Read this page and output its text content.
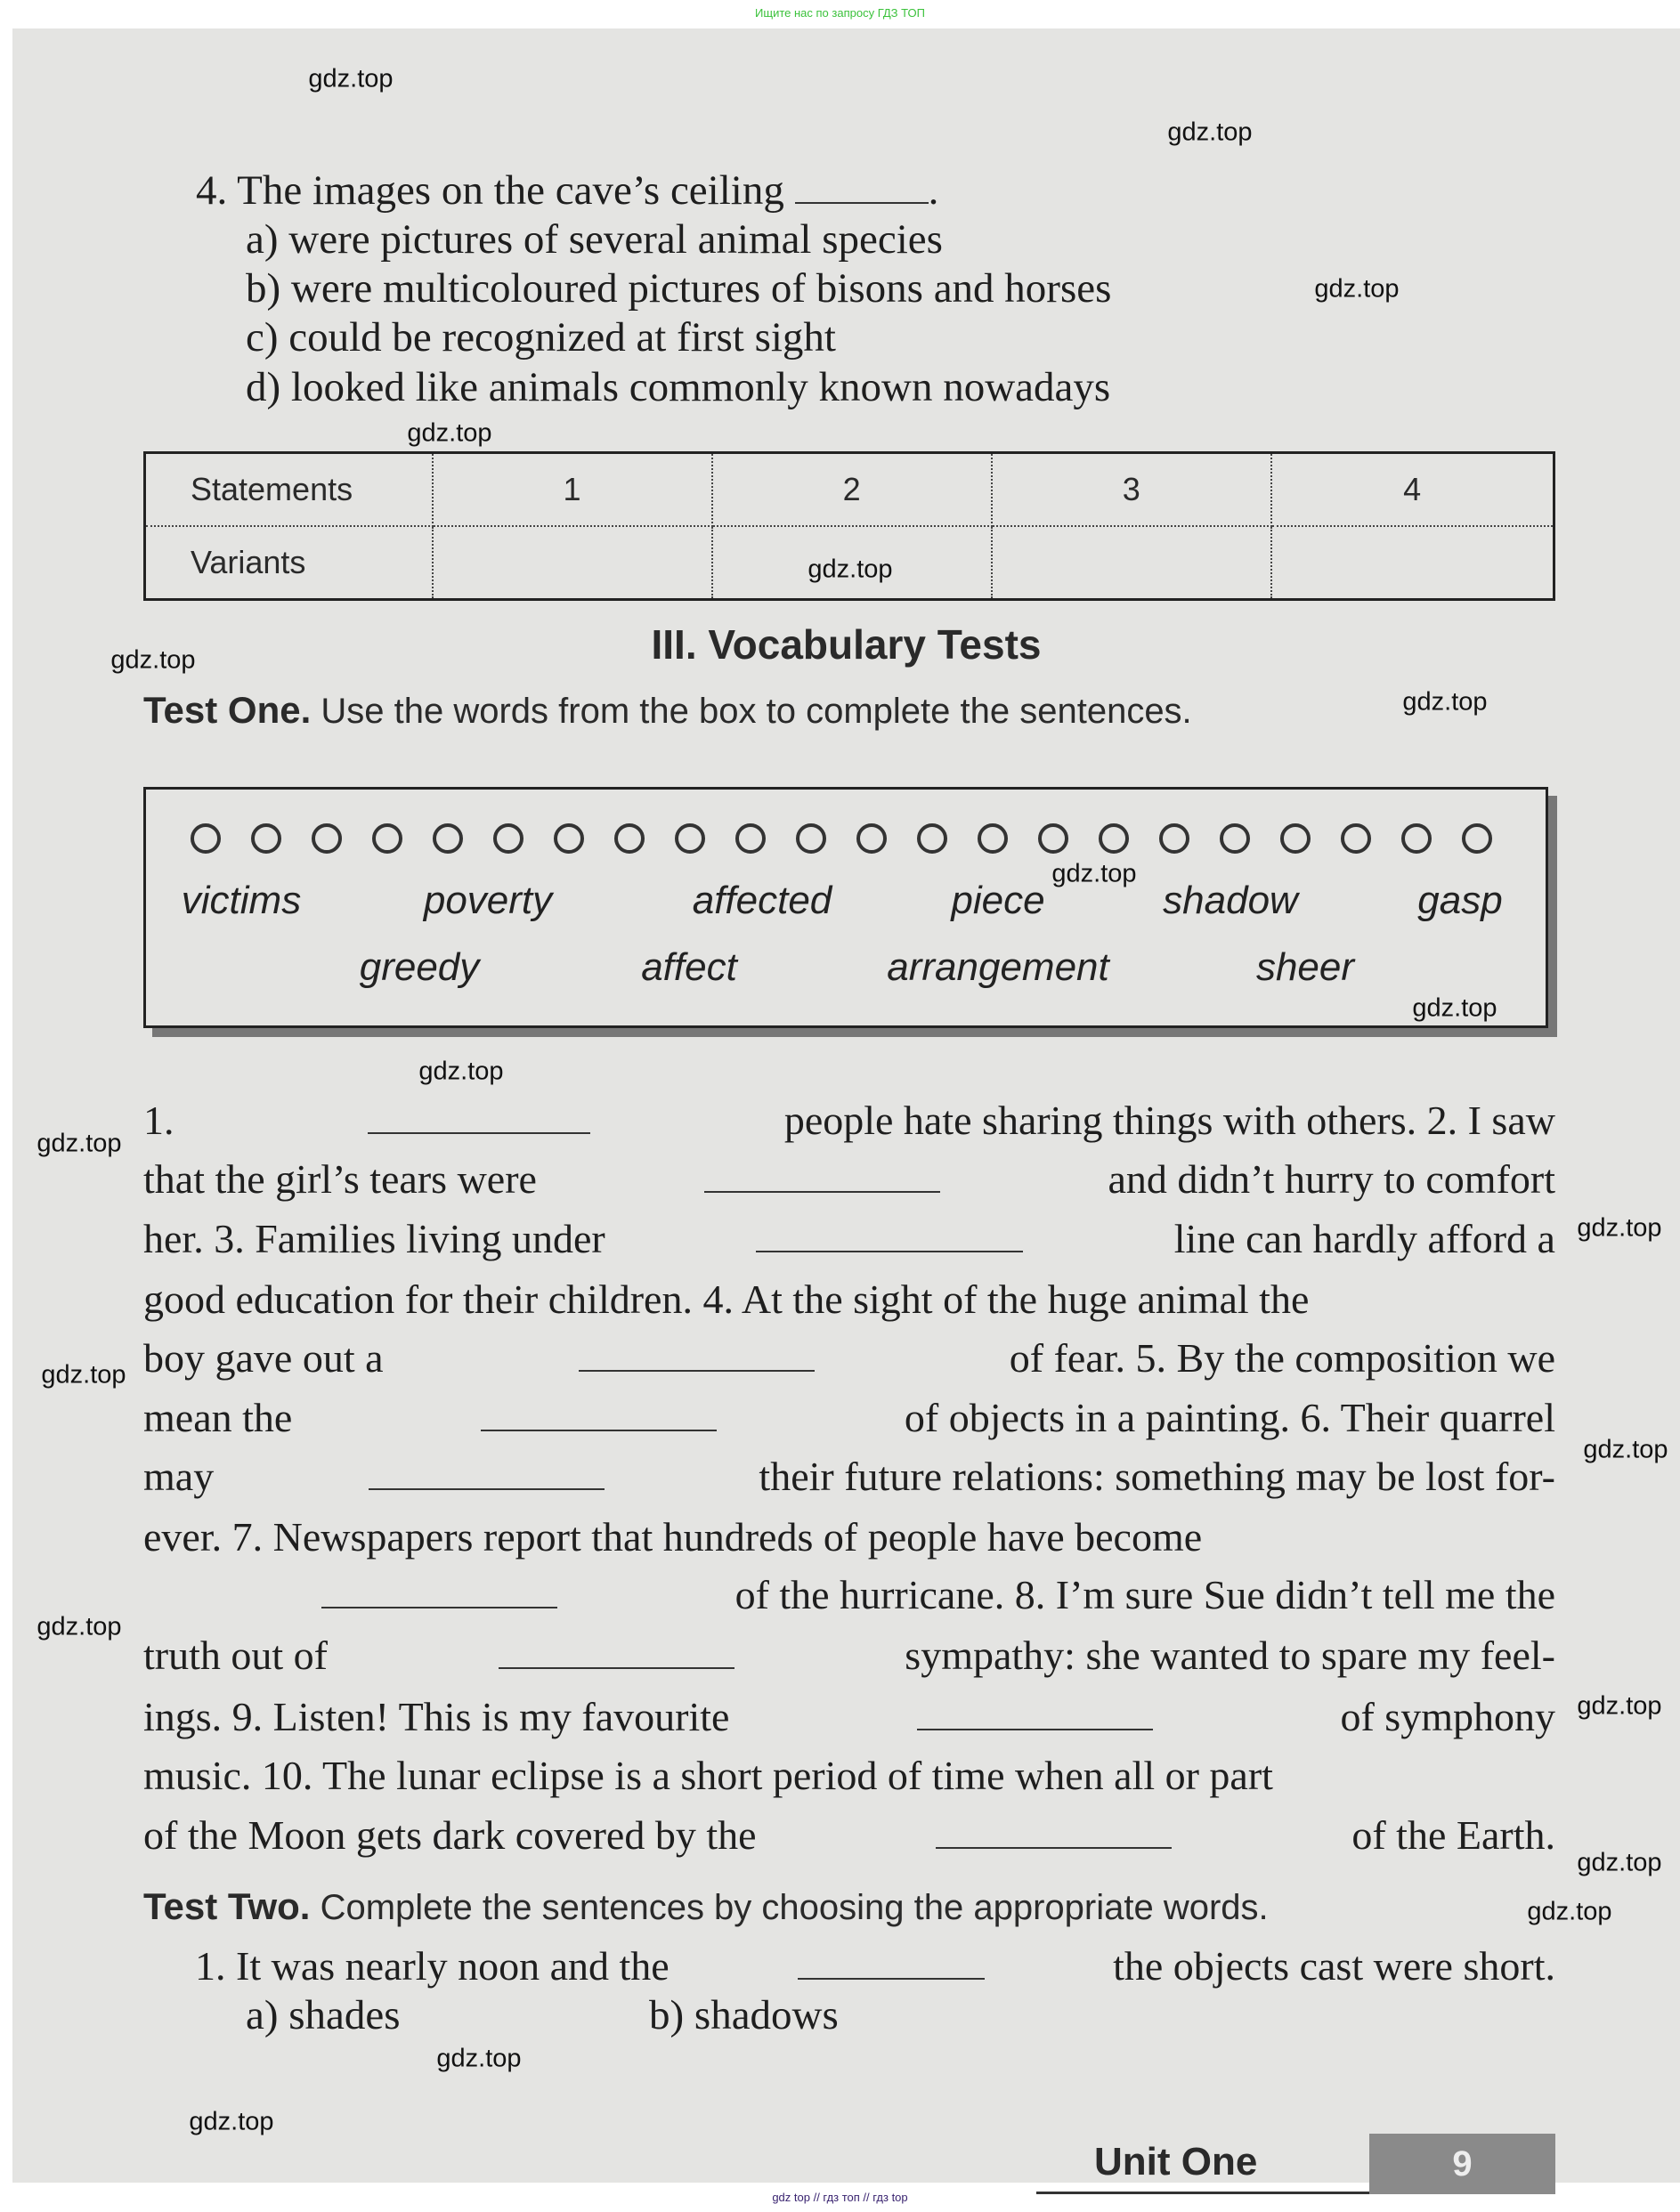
Ищите нас по запросу ГДЗ ТОП
4. The images on the cave’s ceiling	.
a) were pictures of several animal species
b) were multicoloured pictures of bisons and horses
c) could be recognized at first sight
d) looked like animals commonly known nowadays
Statements	1	2	3	4
Variants				
III. Vocabulary Tests
Test One. Use the words from the box to complete the sentences.
victims	poverty	affected	piece	shadow	gasp
greedy	affect	arrangement	sheer
1.	people hate sharing things with others. 2. I saw
that the girl’s tears were	and didn’t hurry to comfort
her. 3. Families living under	line can hardly afford a
good education for their children. 4. At the sight of the huge animal the
boy gave out a	of fear. 5. By the composition we
mean the	of objects in a painting. 6. Their quarrel
may	their future relations: something may be lost for-
ever. 7. Newspapers report that hundreds of people have become
of the hurricane. 8. I’m sure Sue didn’t tell me the
truth out of	sympathy: she wanted to spare my feel-
ings. 9. Listen! This is my favourite	of symphony
music. 10. The lunar eclipse is a short period of time when all or part
of the Moon gets dark covered by the	of the Earth.
Test Two. Complete the sentences by choosing the appropriate words.
1. It was nearly noon and the	the objects cast were short.
a) shades	b) shadows
Unit One	9
gdz.top
gdz.top
gdz.top
gdz.top
gdz.top
gdz.top
gdz.top
gdz.top
gdz.top
gdz.top
gdz.top
gdz.top
gdz.top
gdz.top
gdz.top
gdz.top
gdz.top
gdz.top
gdz.top
gdz.top
gdz top // гдз топ // гдз top
